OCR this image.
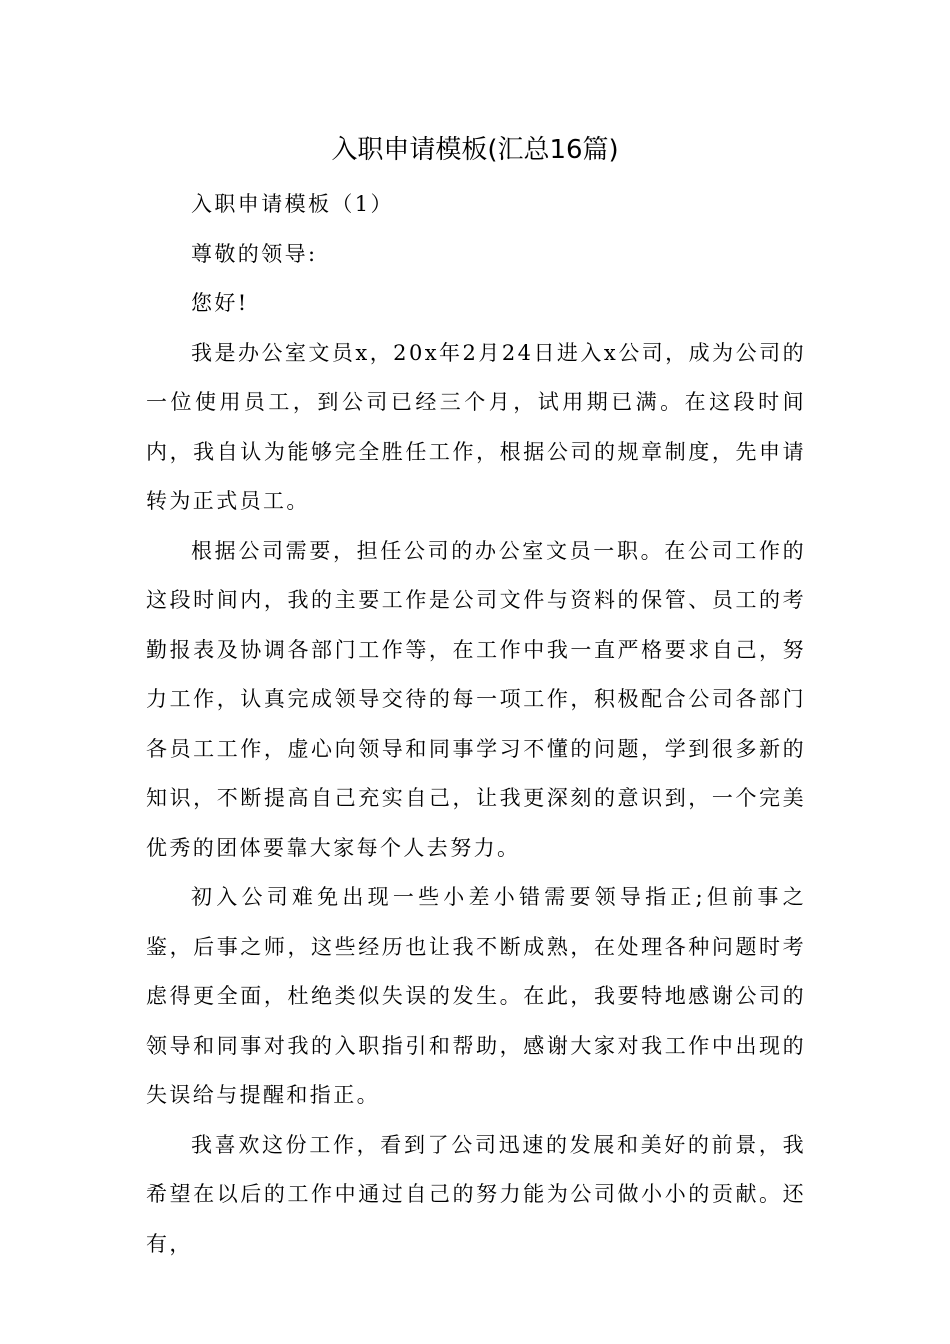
入职申请模板(汇总16篇)

入职申请模板（1）

尊敬的领导:

您好!

我是办公室文员x，20x年2月24日进入x公司，成为公司的一位使用员工，到公司已经三个月，试用期已满。在这段时间内，我自认为能够完全胜任工作，根据公司的规章制度，先申请转为正式员工。

根据公司需要，担任公司的办公室文员一职。在公司工作的这段时间内，我的主要工作是公司文件与资料的保管、员工的考勤报表及协调各部门工作等，在工作中我一直严格要求自己，努力工作，认真完成领导交待的每一项工作，积极配合公司各部门各员工工作，虚心向领导和同事学习不懂的问题，学到很多新的知识，不断提高自己充实自己，让我更深刻的意识到，一个完美优秀的团体要靠大家每个人去努力。

初入公司难免出现一些小差小错需要领导指正;但前事之鉴，后事之师，这些经历也让我不断成熟，在处理各种问题时考虑得更全面，杜绝类似失误的发生。在此，我要特地感谢公司的领导和同事对我的入职指引和帮助，感谢大家对我工作中出现的失误给与提醒和指正。

我喜欢这份工作，看到了公司迅速的发展和美好的前景，我希望在以后的工作中通过自己的努力能为公司做小小的贡献。还有，
